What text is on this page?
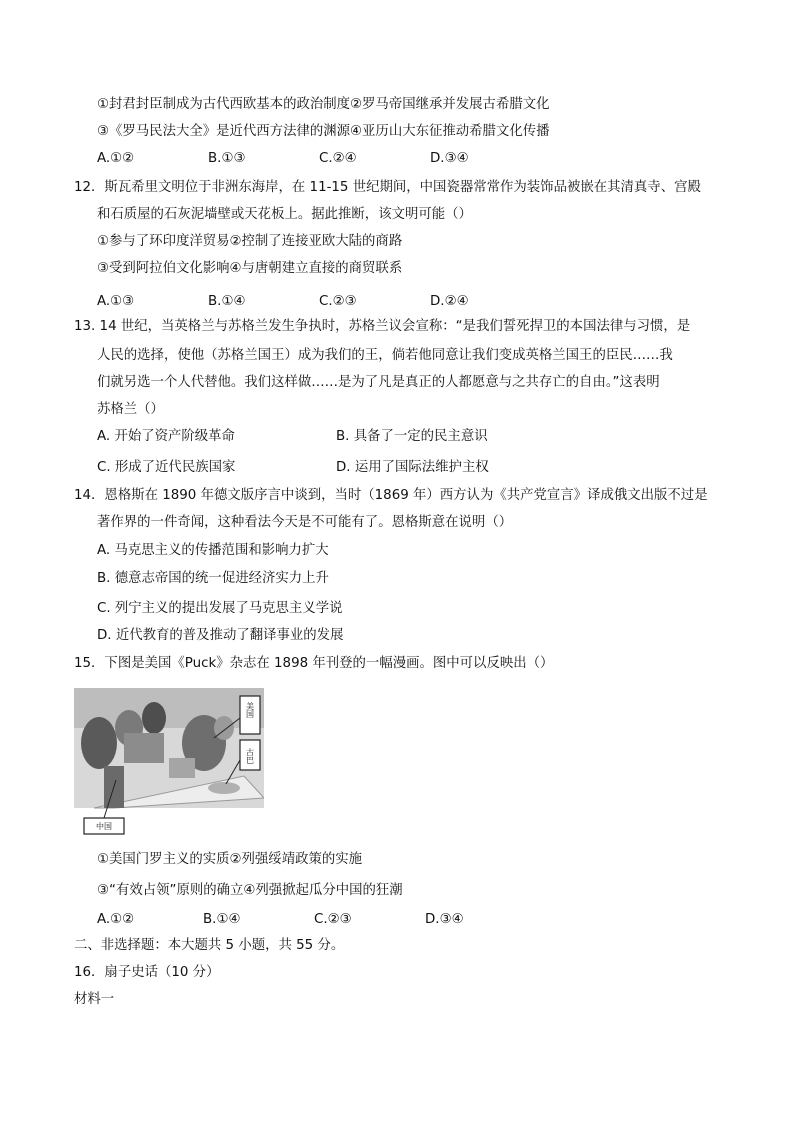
①封君封臣制成为古代西欧基本的政治制度②罗马帝国继承并发展古希腊文化
③《罗马民法大全》是近代西方法律的渊源④亚历山大东征推动希腊文化传播
A.①②	B.①③	C.②④	D.③④
12．斯瓦希里文明位于非洲东海岸，在 11-15 世纪期间，中国瓷器常常作为装饰品被嵌在其清真寺、宫殿
和石质屋的石灰泥墙壁或天花板上。据此推断，该文明可能（）
①参与了环印度洋贸易②控制了连接亚欧大陆的商路
③受到阿拉伯文化影响④与唐朝建立直接的商贸联系
A.①③	B.①④	C.②③	D.②④
13. 14 世纪，当英格兰与苏格兰发生争执时，苏格兰议会宣称：“是我们誓死捍卫的本国法律与习惯，是
人民的选择，使他（苏格兰国王）成为我们的王，倘若他同意让我们变成英格兰国王的臣民……我
们就另选一个人代替他。我们这样做……是为了凡是真正的人都愿意与之共存亡的自由。”这表明
苏格兰（）
A. 开始了资产阶级革命	B. 具备了一定的民主意识
C. 形成了近代民族国家	D. 运用了国际法维护主权
14．恩格斯在 1890 年德文版序言中谈到，当时（1869 年）西方认为《共产党宣言》译成俄文出版不过是
著作界的一件奇闻，这种看法今天是不可能有了。恩格斯意在说明（）
A. 马克思主义的传播范围和影响力扩大
B. 德意志帝国的统一促进经济实力上升
C. 列宁主义的提出发展了马克思主义学说
D. 近代教育的普及推动了翻译事业的发展
15．下图是美国《Puck》杂志在 1898 年刊登的一幅漫画。图中可以反映出（）
美国
古巴
中国
①美国门罗主义的实质②列强绥靖政策的实施
③“有效占领”原则的确立④列强掀起瓜分中国的狂潮
A.①②	B.①④	C.②③	D.③④
二、非选择题：本大题共 5 小题，共 55 分。
16．扇子史话（10 分）
材料一
